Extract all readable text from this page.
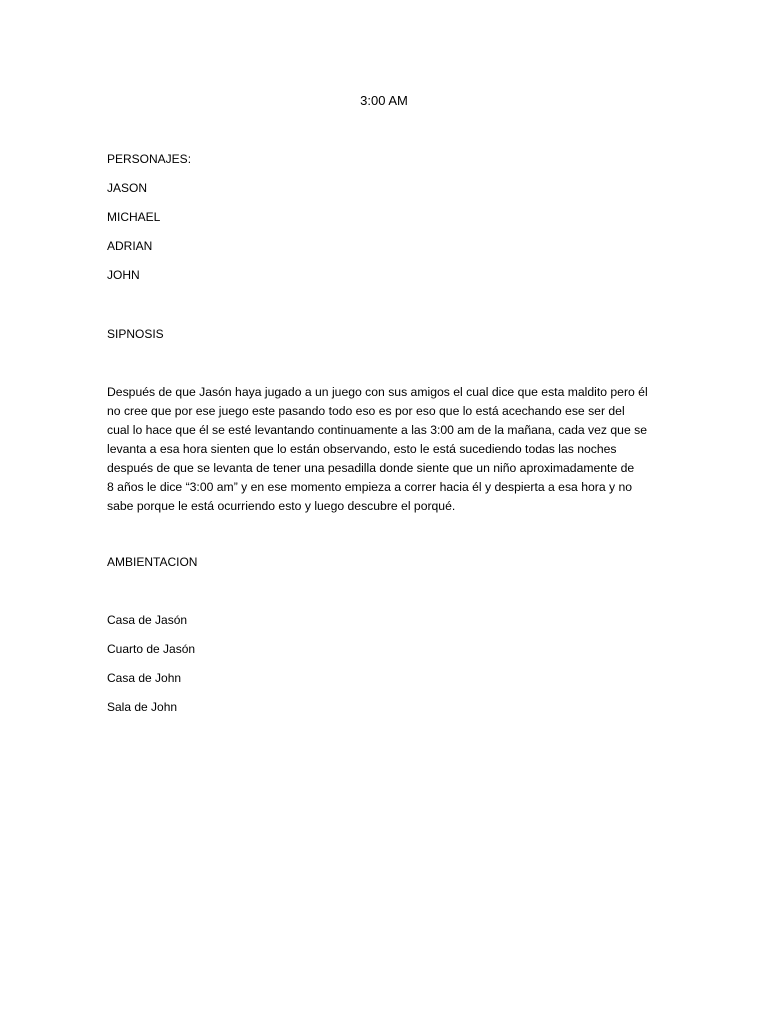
3:00 AM
PERSONAJES:
JASON
MICHAEL
ADRIAN
JOHN
SIPNOSIS
Después de que Jasón haya jugado a un juego con sus amigos el cual dice que esta maldito pero él
no cree que por ese juego este pasando todo eso es por eso que lo está acechando ese ser del
cual lo hace que él se esté levantando continuamente a las 3:00 am de la mañana, cada vez que se
levanta a esa hora sienten que lo están observando, esto le está sucediendo todas las noches
después de que se levanta de tener una pesadilla donde siente que un niño aproximadamente de
8 años le dice “3:00 am” y en ese momento empieza a correr hacia él y despierta a esa hora y no
sabe porque le está ocurriendo esto y luego descubre el porqué.
AMBIENTACION
Casa de Jasón
Cuarto de Jasón
Casa de John
Sala de John
